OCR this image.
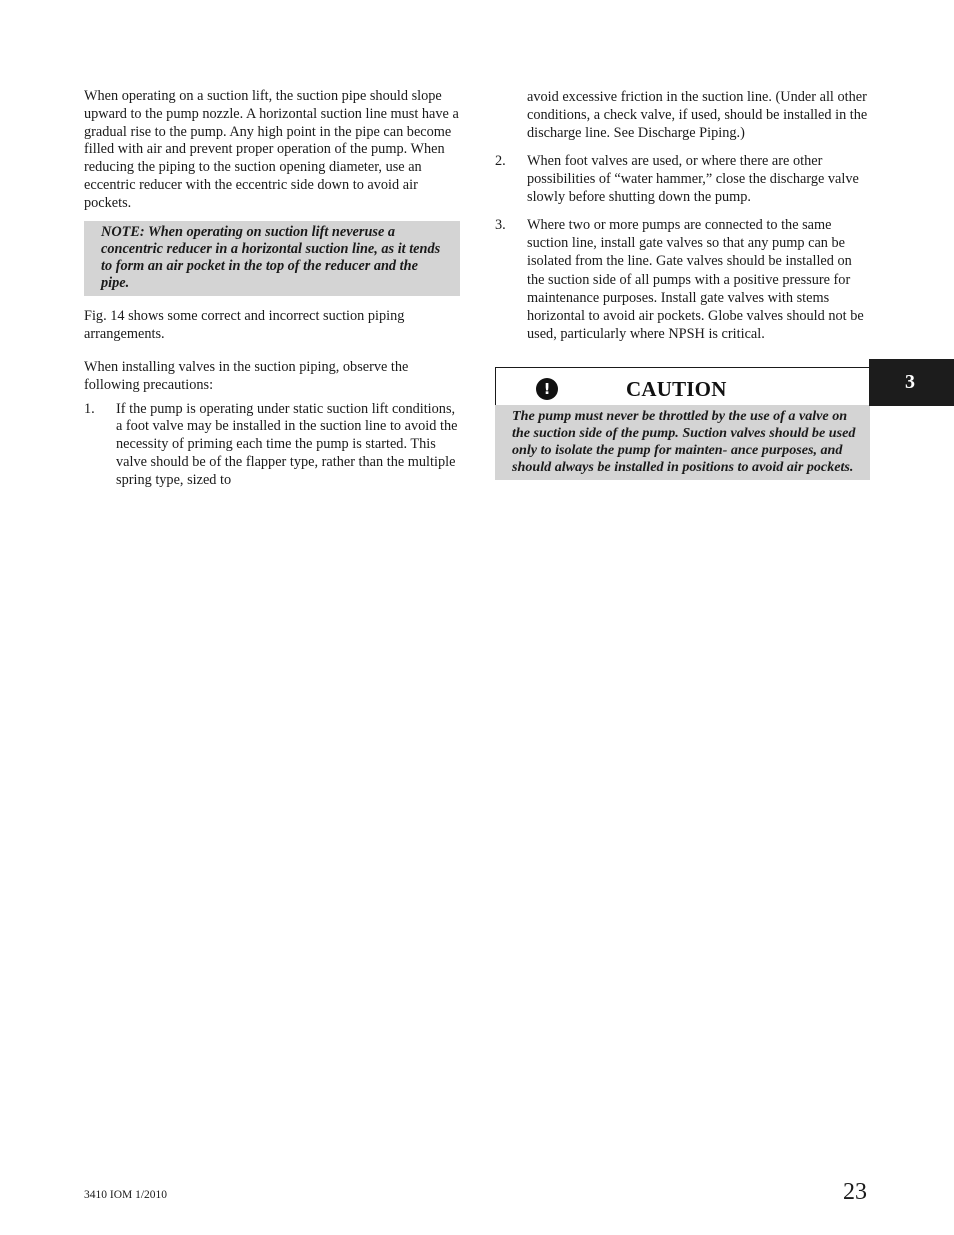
When operating on a suction lift, the suction pipe should slope upward to the pump nozzle. A horizontal suction line must have a gradual rise to the pump. Any high point in the pipe can become filled with air and prevent proper operation of the pump. When reducing the piping to the suction opening diameter, use an eccentric reducer with the eccentric side down to avoid air pockets.

NOTE: When operating on suction lift neveruse a concentric reducer in a horizontal suction line, as it tends to form an air pocket in the top of the reducer and the pipe.

Fig. 14 shows some correct and incorrect suction piping arrangements.

When installing valves in the suction piping, observe the following precautions:

1. If the pump is operating under static suction lift conditions, a foot valve may be installed in the suction line to avoid the necessity of priming each time the pump is started. This valve should be of the flapper type, rather than the multiple spring type, sized to

avoid excessive friction in the suction line. (Under all other conditions, a check valve, if used, should be installed in the discharge line. See Discharge Piping.)

2. When foot valves are used, or where there are other possibilities of “water hammer,” close the discharge valve slowly before shutting down the pump.
3. Where two or more pumps are connected to the same suction line, install gate valves so that any pump can be isolated from the line. Gate valves should be installed on the suction side of all pumps with a positive pressure for maintenance purposes. Install gate valves with stems horizontal to avoid air pockets. Globe valves should not be used, particularly where NPSH is critical.
!	CAUTION
The pump must never be throttled by the use of a valve on the suction side of the pump. Suction valves should be used only to isolate the pump for mainten- ance purposes, and should always be installed in positions to avoid air pockets.
3
3410 IOM 1/2010	23
